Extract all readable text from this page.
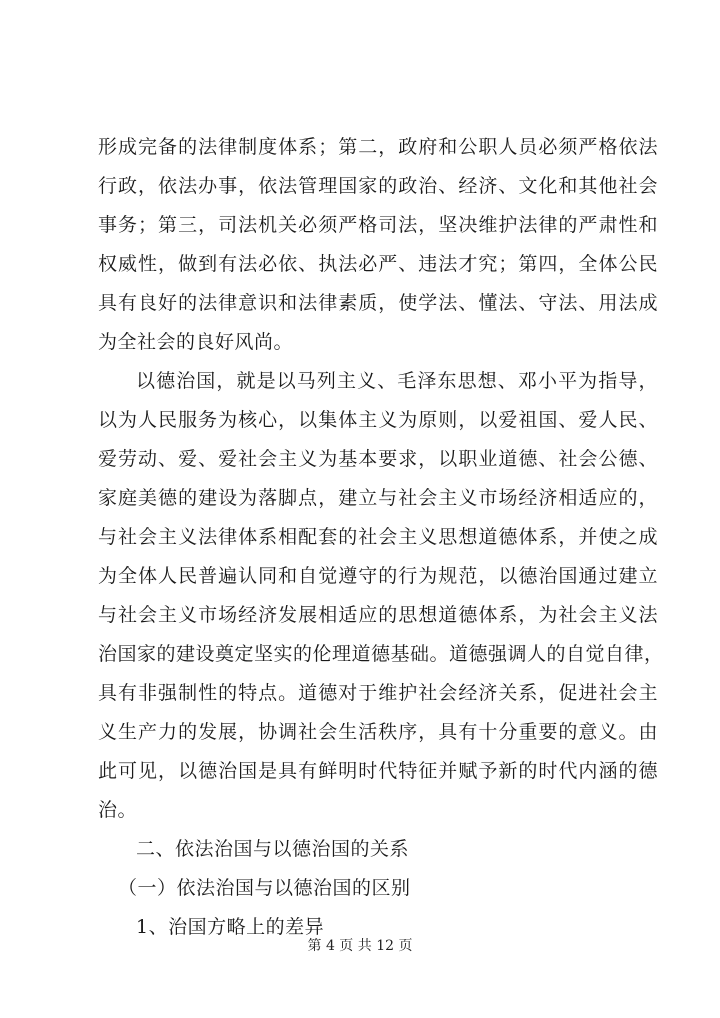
形成完备的法律制度体系；第二，政府和公职人员必须严格依法
行政，依法办事，依法管理国家的政治、经济、文化和其他社会
事务；第三，司法机关必须严格司法，坚决维护法律的严肃性和
权威性，做到有法必依、执法必严、违法才究；第四，全体公民
具有良好的法律意识和法律素质，使学法、懂法、守法、用法成
为全社会的良好风尚。
以德治国，就是以马列主义、毛泽东思想、邓小平为指导，
以为人民服务为核心，以集体主义为原则，以爱祖国、爱人民、
爱劳动、爱、爱社会主义为基本要求，以职业道德、社会公德、
家庭美德的建设为落脚点，建立与社会主义市场经济相适应的，
与社会主义法律体系相配套的社会主义思想道德体系，并使之成
为全体人民普遍认同和自觉遵守的行为规范，以德治国通过建立
与社会主义市场经济发展相适应的思想道德体系，为社会主义法
治国家的建设奠定坚实的伦理道德基础。道德强调人的自觉自律，
具有非强制性的特点。道德对于维护社会经济关系，促进社会主
义生产力的发展，协调社会生活秩序，具有十分重要的意义。由
此可见，以德治国是具有鲜明时代特征并赋予新的时代内涵的德
治。
二、依法治国与以德治国的关系
（一）依法治国与以德治国的区别
1、治国方略上的差异
第 4 页 共 12 页
